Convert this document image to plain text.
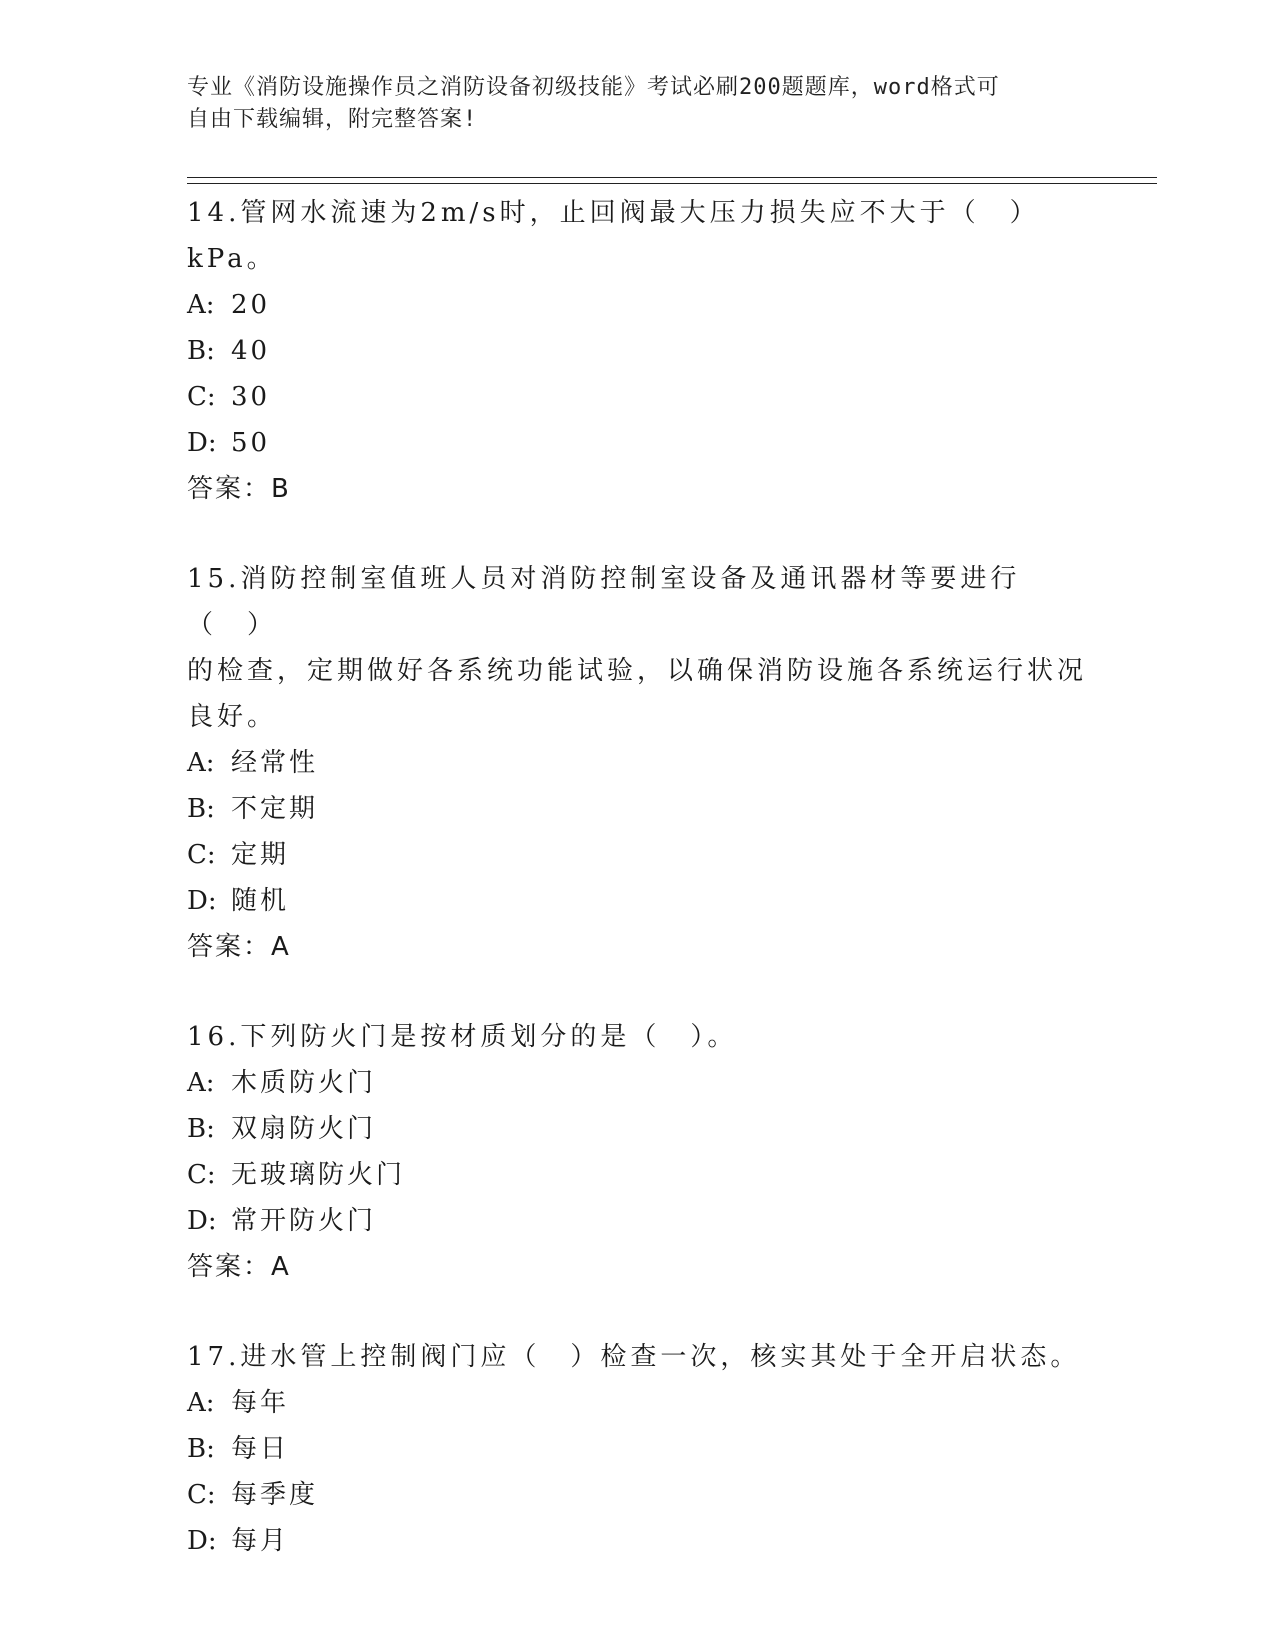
专业《消防设施操作员之消防设备初级技能》考试必刷200题题库，word格式可
自由下载编辑，附完整答案!

14.管网水流速为2m/s时，止回阀最大压力损失应不大于（　）kPa。

A: 20

B: 40

C: 30

D: 50

答案：B

15.消防控制室值班人员对消防控制室设备及通讯器材等要进行（　）

的检查，定期做好各系统功能试验，以确保消防设施各系统运行状况

良好。

A: 经常性

B: 不定期

C: 定期

D: 随机

答案：A

16.下列防火门是按材质划分的是（　）。

A: 木质防火门

B: 双扇防火门

C: 无玻璃防火门

D: 常开防火门

答案：A

17.进水管上控制阀门应（　）检查一次，核实其处于全开启状态。

A: 每年

B: 每日

C: 每季度

D: 每月
